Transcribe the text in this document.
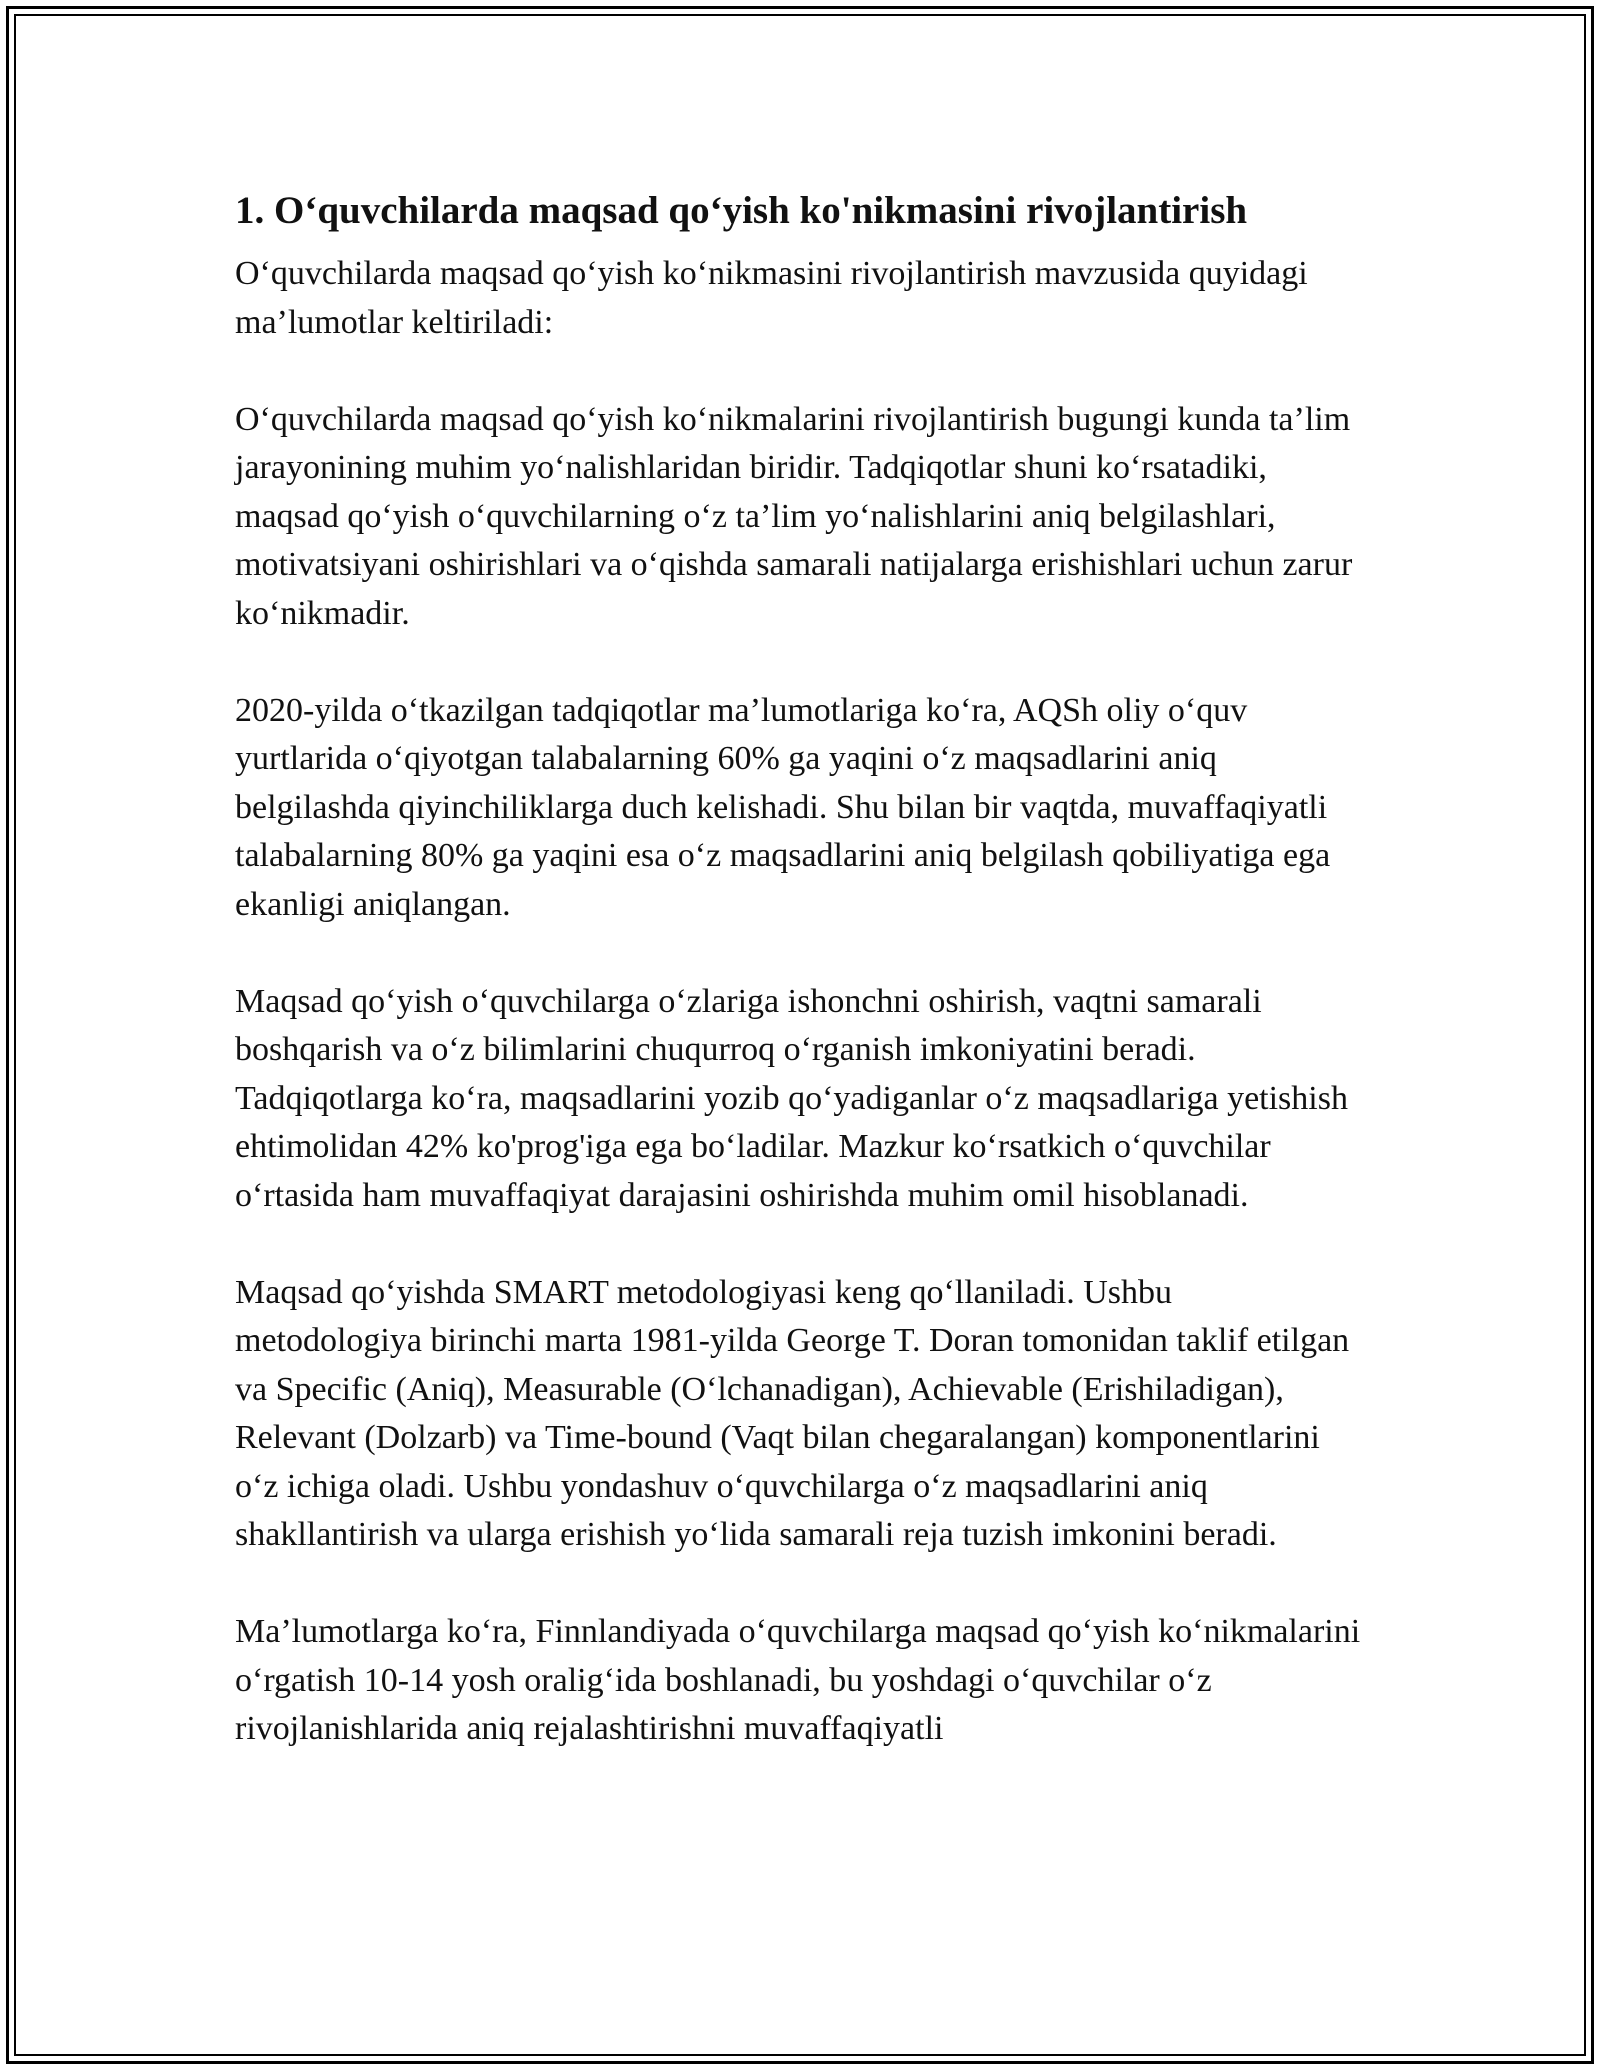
1. O‘quvchilarda maqsad qo‘yish ko'nikmasini rivojlantirish

O‘quvchilarda maqsad qo‘yish ko‘nikmasini rivojlantirish mavzusida quyidagi ma’lumotlar keltiriladi:

O‘quvchilarda maqsad qo‘yish ko‘nikmalarini rivojlantirish bugungi kunda ta’lim jarayonining muhim yo‘nalishlaridan biridir. Tadqiqotlar shuni ko‘rsatadiki, maqsad qo‘yish o‘quvchilarning o‘z ta’lim yo‘nalishlarini aniq belgilashlari, motivatsiyani oshirishlari va o‘qishda samarali natijalarga erishishlari uchun zarur ko‘nikmadir.

2020-yilda o‘tkazilgan tadqiqotlar ma’lumotlariga ko‘ra, AQSh oliy o‘quv yurtlarida o‘qiyotgan talabalarning 60% ga yaqini o‘z maqsadlarini aniq belgilashda qiyinchiliklarga duch kelishadi. Shu bilan bir vaqtda, muvaffaqiyatli talabalarning 80% ga yaqini esa o‘z maqsadlarini aniq belgilash qobiliyatiga ega ekanligi aniqlangan.

Maqsad qo‘yish o‘quvchilarga o‘zlariga ishonchni oshirish, vaqtni samarali boshqarish va o‘z bilimlarini chuqurroq o‘rganish imkoniyatini beradi. Tadqiqotlarga ko‘ra, maqsadlarini yozib qo‘yadiganlar o‘z maqsadlariga yetishish ehtimolidan 42% ko'prog'iga ega bo‘ladilar. Mazkur ko‘rsatkich o‘quvchilar o‘rtasida ham muvaffaqiyat darajasini oshirishda muhim omil hisoblanadi.

Maqsad qo‘yishda SMART metodologiyasi keng qo‘llaniladi. Ushbu metodologiya birinchi marta 1981-yilda George T. Doran tomonidan taklif etilgan va Specific (Aniq), Measurable (O‘lchanadigan), Achievable (Erishiladigan), Relevant (Dolzarb) va Time-bound (Vaqt bilan chegaralangan) komponentlarini o‘z ichiga oladi. Ushbu yondashuv o‘quvchilarga o‘z maqsadlarini aniq shakllantirish va ularga erishish yo‘lida samarali reja tuzish imkonini beradi.

Ma’lumotlarga ko‘ra, Finnlandiyada o‘quvchilarga maqsad qo‘yish ko‘nikmalarini o‘rgatish 10-14 yosh oralig‘ida boshlanadi, bu yoshdagi o‘quvchilar o‘z rivojlanishlarida aniq rejalashtirishni muvaffaqiyatli
